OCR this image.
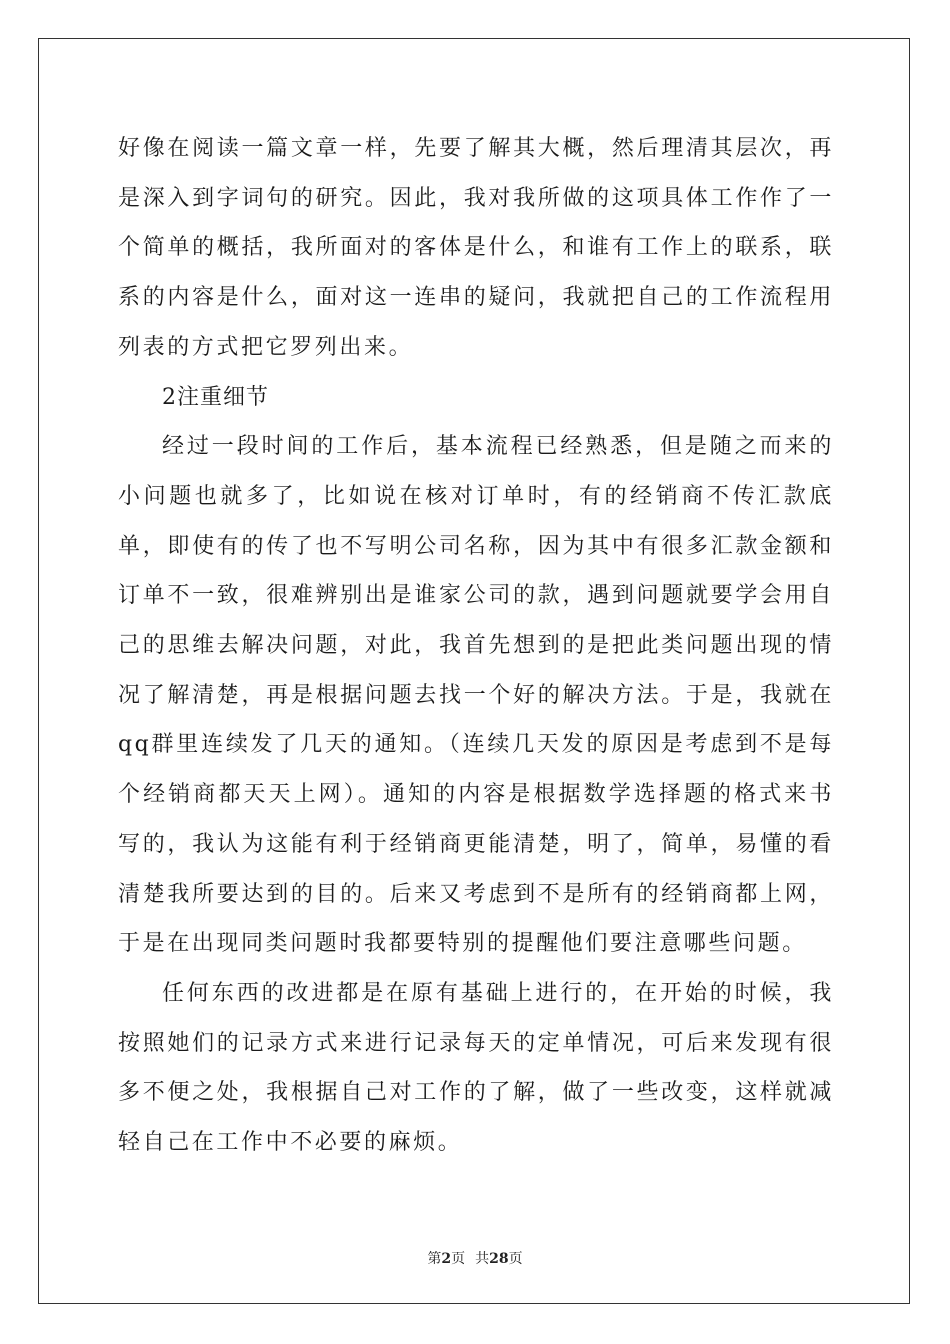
好像在阅读一篇文章一样，先要了解其大概，然后理清其层次，再是深入到字词句的研究。因此，我对我所做的这项具体工作作了一个简单的概括，我所面对的客体是什么，和谁有工作上的联系，联系的内容是什么，面对这一连串的疑问，我就把自己的工作流程用列表的方式把它罗列出来。

2注重细节

经过一段时间的工作后，基本流程已经熟悉，但是随之而来的小问题也就多了，比如说在核对订单时，有的经销商不传汇款底单，即使有的传了也不写明公司名称，因为其中有很多汇款金额和订单不一致，很难辨别出是谁家公司的款，遇到问题就要学会用自己的思维去解决问题，对此，我首先想到的是把此类问题出现的情况了解清楚，再是根据问题去找一个好的解决方法。于是，我就在qq群里连续发了几天的通知。（连续几天发的原因是考虑到不是每个经销商都天天上网）。通知的内容是根据数学选择题的格式来书写的，我认为这能有利于经销商更能清楚，明了，简单，易懂的看清楚我所要达到的目的。后来又考虑到不是所有的经销商都上网，于是在出现同类问题时我都要特别的提醒他们要注意哪些问题。

任何东西的改进都是在原有基础上进行的，在开始的时候，我按照她们的记录方式来进行记录每天的定单情况，可后来发现有很多不便之处，我根据自己对工作的了解，做了一些改变，这样就减轻自己在工作中不必要的麻烦。

第2页 共28页
